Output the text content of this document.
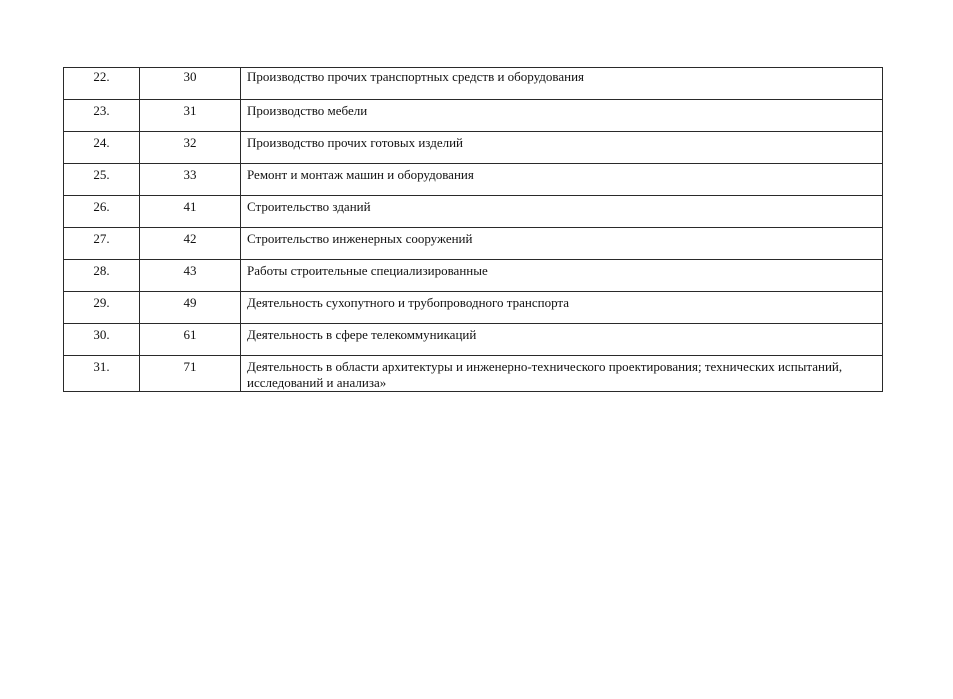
22.	30	Производство прочих транспортных средств и оборудования
23.	31	Производство мебели
24.	32	Производство прочих готовых изделий
25.	33	Ремонт и монтаж машин и оборудования
26.	41	Строительство зданий
27.	42	Строительство инженерных сооружений
28.	43	Работы строительные специализированные
29.	49	Деятельность сухопутного и трубопроводного транспорта
30.	61	Деятельность в сфере телекоммуникаций
31.	71	Деятельность в области архитектуры и инженерно-технического проектирования; технических испытаний, исследований и анализа»
